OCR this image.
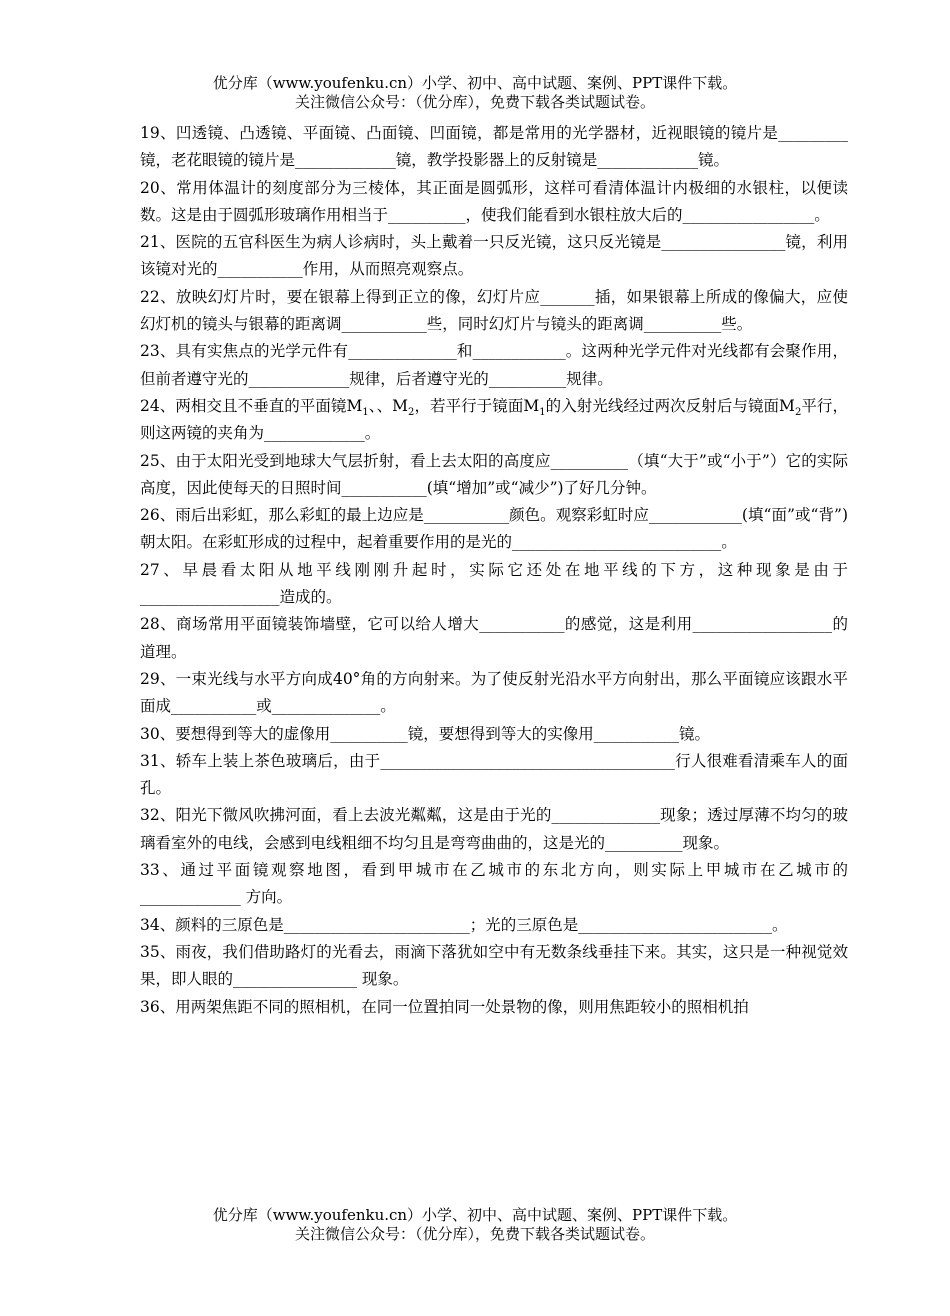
优分库（www.youfenku.cn）小学、初中、高中试题、案例、PPT课件下载。
关注微信公众号：（优分库），免费下载各类试题试卷。

19、凹透镜、凸透镜、平面镜、凸面镜、凹面镜，都是常用的光学器材，近视眼镜的镜片是_________镜，老花眼镜的镜片是_____________镜，教学投影器上的反射镜是_____________镜。

20、常用体温计的刻度部分为三棱体，其正面是圆弧形，这样可看清体温计内极细的水银柱，以便读数。这是由于圆弧形玻璃作用相当于__________，使我们能看到水银柱放大后的_________________。

21、医院的五官科医生为病人诊病时，头上戴着一只反光镜，这只反光镜是________________镜，利用该镜对光的___________作用，从而照亮观察点。

22、放映幻灯片时，要在银幕上得到正立的像，幻灯片应_______插，如果银幕上所成的像偏大，应使幻灯机的镜头与银幕的距离调___________些，同时幻灯片与镜头的距离调__________些。

23、具有实焦点的光学元件有______________和____________。这两种光学元件对光线都有会聚作用，但前者遵守光的_____________规律，后者遵守光的__________规律。

24、两相交且不垂直的平面镜$M_1$、、$M_2$，若平行于镜面$M_1$的入射光线经过两次反射后与镜面$M_2$平行，则这两镜的夹角为_____________。

25、由于太阳光受到地球大气层折射，看上去太阳的高度应__________（填“大于”或“小于”）它的实际高度，因此使每天的日照时间___________(填“增加”或“减少”)了好几分钟。

26、雨后出彩虹，那么彩虹的最上边应是___________颜色。观察彩虹时应____________(填“面”或“背”)朝太阳。在彩虹形成的过程中，起着重要作用的是光的___________________________。

27、早晨看太阳从地平线刚刚升起时，实际它还处在地平线的下方，这种现象是由于__________________造成的。

28、商场常用平面镜装饰墙壁，它可以给人增大___________的感觉，这是利用__________________的道理。

29、一束光线与水平方向成40°角的方向射来。为了使反射光沿水平方向射出，那么平面镜应该跟水平面成___________或______________。

30、要想得到等大的虚像用__________镜，要想得到等大的实像用___________镜。

31、轿车上装上茶色玻璃后，由于______________________________________行人很难看清乘车人的面孔。

32、阳光下微风吹拂河面，看上去波光粼粼，这是由于光的______________现象；透过厚薄不均匀的玻璃看室外的电线，会感到电线粗细不均匀且是弯弯曲曲的，这是光的__________现象。

33、通过平面镜观察地图，看到甲城市在乙城市的东北方向，则实际上甲城市在乙城市的_____________ 方向。

34、颜料的三原色是________________________；光的三原色是_________________________。

35、雨夜，我们借助路灯的光看去，雨滴下落犹如空中有无数条线垂挂下来。其实，这只是一种视觉效果，即人眼的________________ 现象。

36、用两架焦距不同的照相机，在同一位置拍同一处景物的像，则用焦距较小的照相机拍

优分库（www.youfenku.cn）小学、初中、高中试题、案例、PPT课件下载。
关注微信公众号：（优分库），免费下载各类试题试卷。
